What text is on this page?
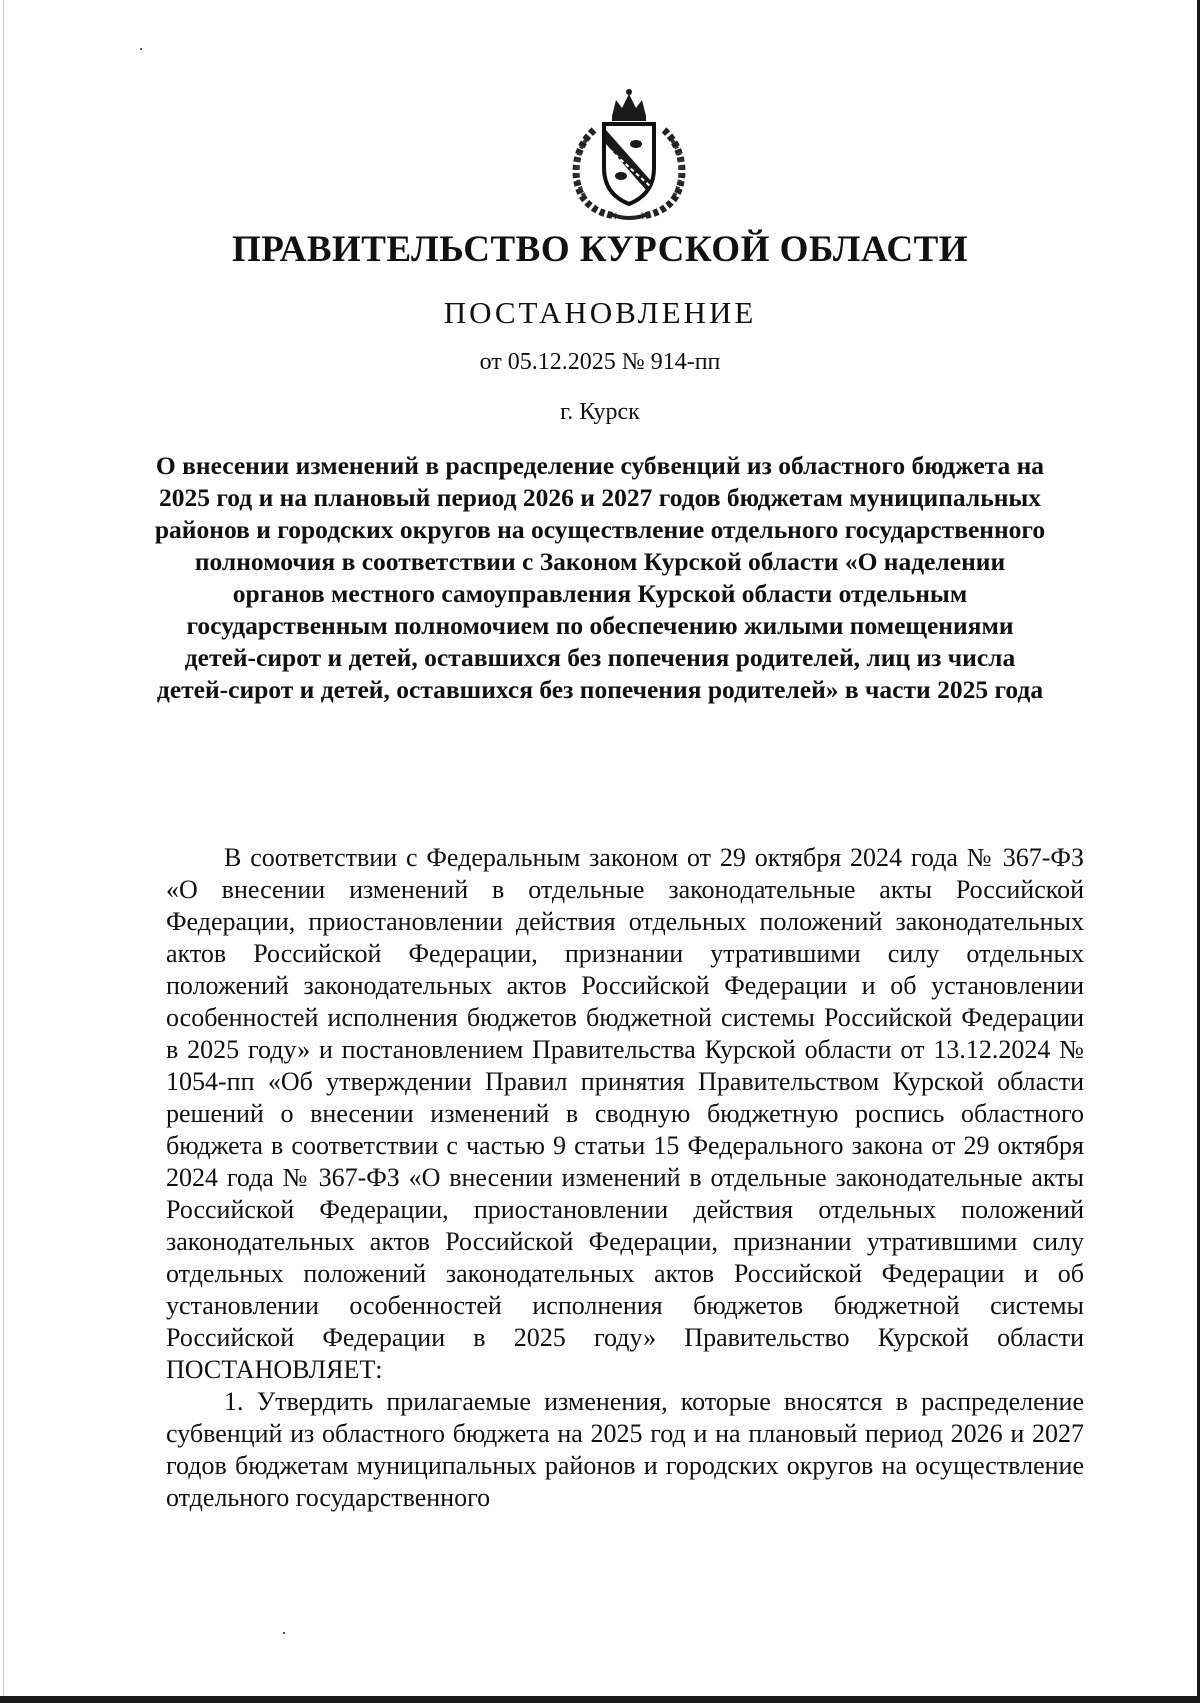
ПРАВИТЕЛЬСТВО КУРСКОЙ ОБЛАСТИ
ПОСТАНОВЛЕНИЕ
от 05.12.2025 № 914-пп
г. Курск
О внесении изменений в распределение субвенций из областного бюджета на 2025 год и на плановый период 2026 и 2027 годов бюджетам муниципальных районов и городских округов на осуществление отдельного государственного полномочия в соответствии с Законом Курской области «О наделении органов местного самоуправления Курской области отдельным государственным полномочием по обеспечению жилыми помещениями детей-сирот и детей, оставшихся без попечения родителей, лиц из числа детей-сирот и детей, оставшихся без попечения родителей» в части 2025 года

В соответствии с Федеральным законом от 29 октября 2024 года № 367-ФЗ «О внесении изменений в отдельные законодательные акты Российской Федерации, приостановлении действия отдельных положений законодательных актов Российской Федерации, признании утратившими силу отдельных положений законодательных актов Российской Федерации и об установлении особенностей исполнения бюджетов бюджетной системы Российской Федерации в 2025 году» и постановлением Правительства Курской области от 13.12.2024 № 1054-пп «Об утверждении Правил принятия Правительством Курской области решений о внесении изменений в сводную бюджетную роспись областного бюджета в соответствии с частью 9 статьи 15 Федерального закона от 29 октября 2024 года № 367-ФЗ «О внесении изменений в отдельные законодательные акты Российской Федерации, приостановлении действия отдельных положений законодательных актов Российской Федерации, признании утратившими силу отдельных положений законодательных актов Российской Федерации и об установлении особенностей исполнения бюджетов бюджетной системы Российской Федерации в 2025 году» Правительство Курской области ПОСТАНОВЛЯЕТ:

1. Утвердить прилагаемые изменения, которые вносятся в распределение субвенций из областного бюджета на 2025 год и на плановый период 2026 и 2027 годов бюджетам муниципальных районов и городских округов на осуществление отдельного государственного
